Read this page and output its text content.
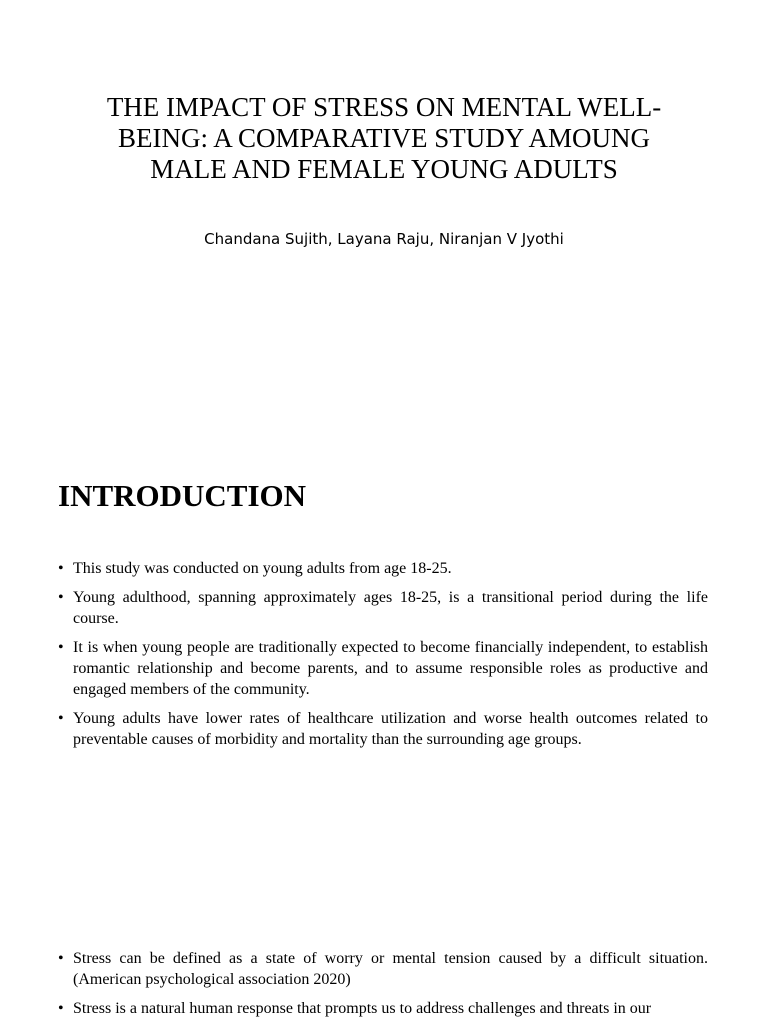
THE IMPACT OF STRESS ON MENTAL WELL-BEING: A COMPARATIVE STUDY AMOUNG MALE AND FEMALE YOUNG ADULTS

Chandana Sujith, Layana Raju, Niranjan V Jyothi

INTRODUCTION
• This study was conducted on young adults from age 18-25.
• Young adulthood, spanning approximately ages 18-25, is a transitional period during the life course.
• It is when young people are traditionally expected to become financially independent, to establish romantic relationship and become parents, and to assume responsible roles as productive and engaged members of the community.
• Young adults have lower rates of healthcare utilization and worse health outcomes related to preventable causes of morbidity and mortality than the surrounding age groups.
• Stress can be defined as a state of worry or mental tension caused by a difficult situation. (American psychological association 2020)
• Stress is a natural human response that prompts us to address challenges and threats in our
